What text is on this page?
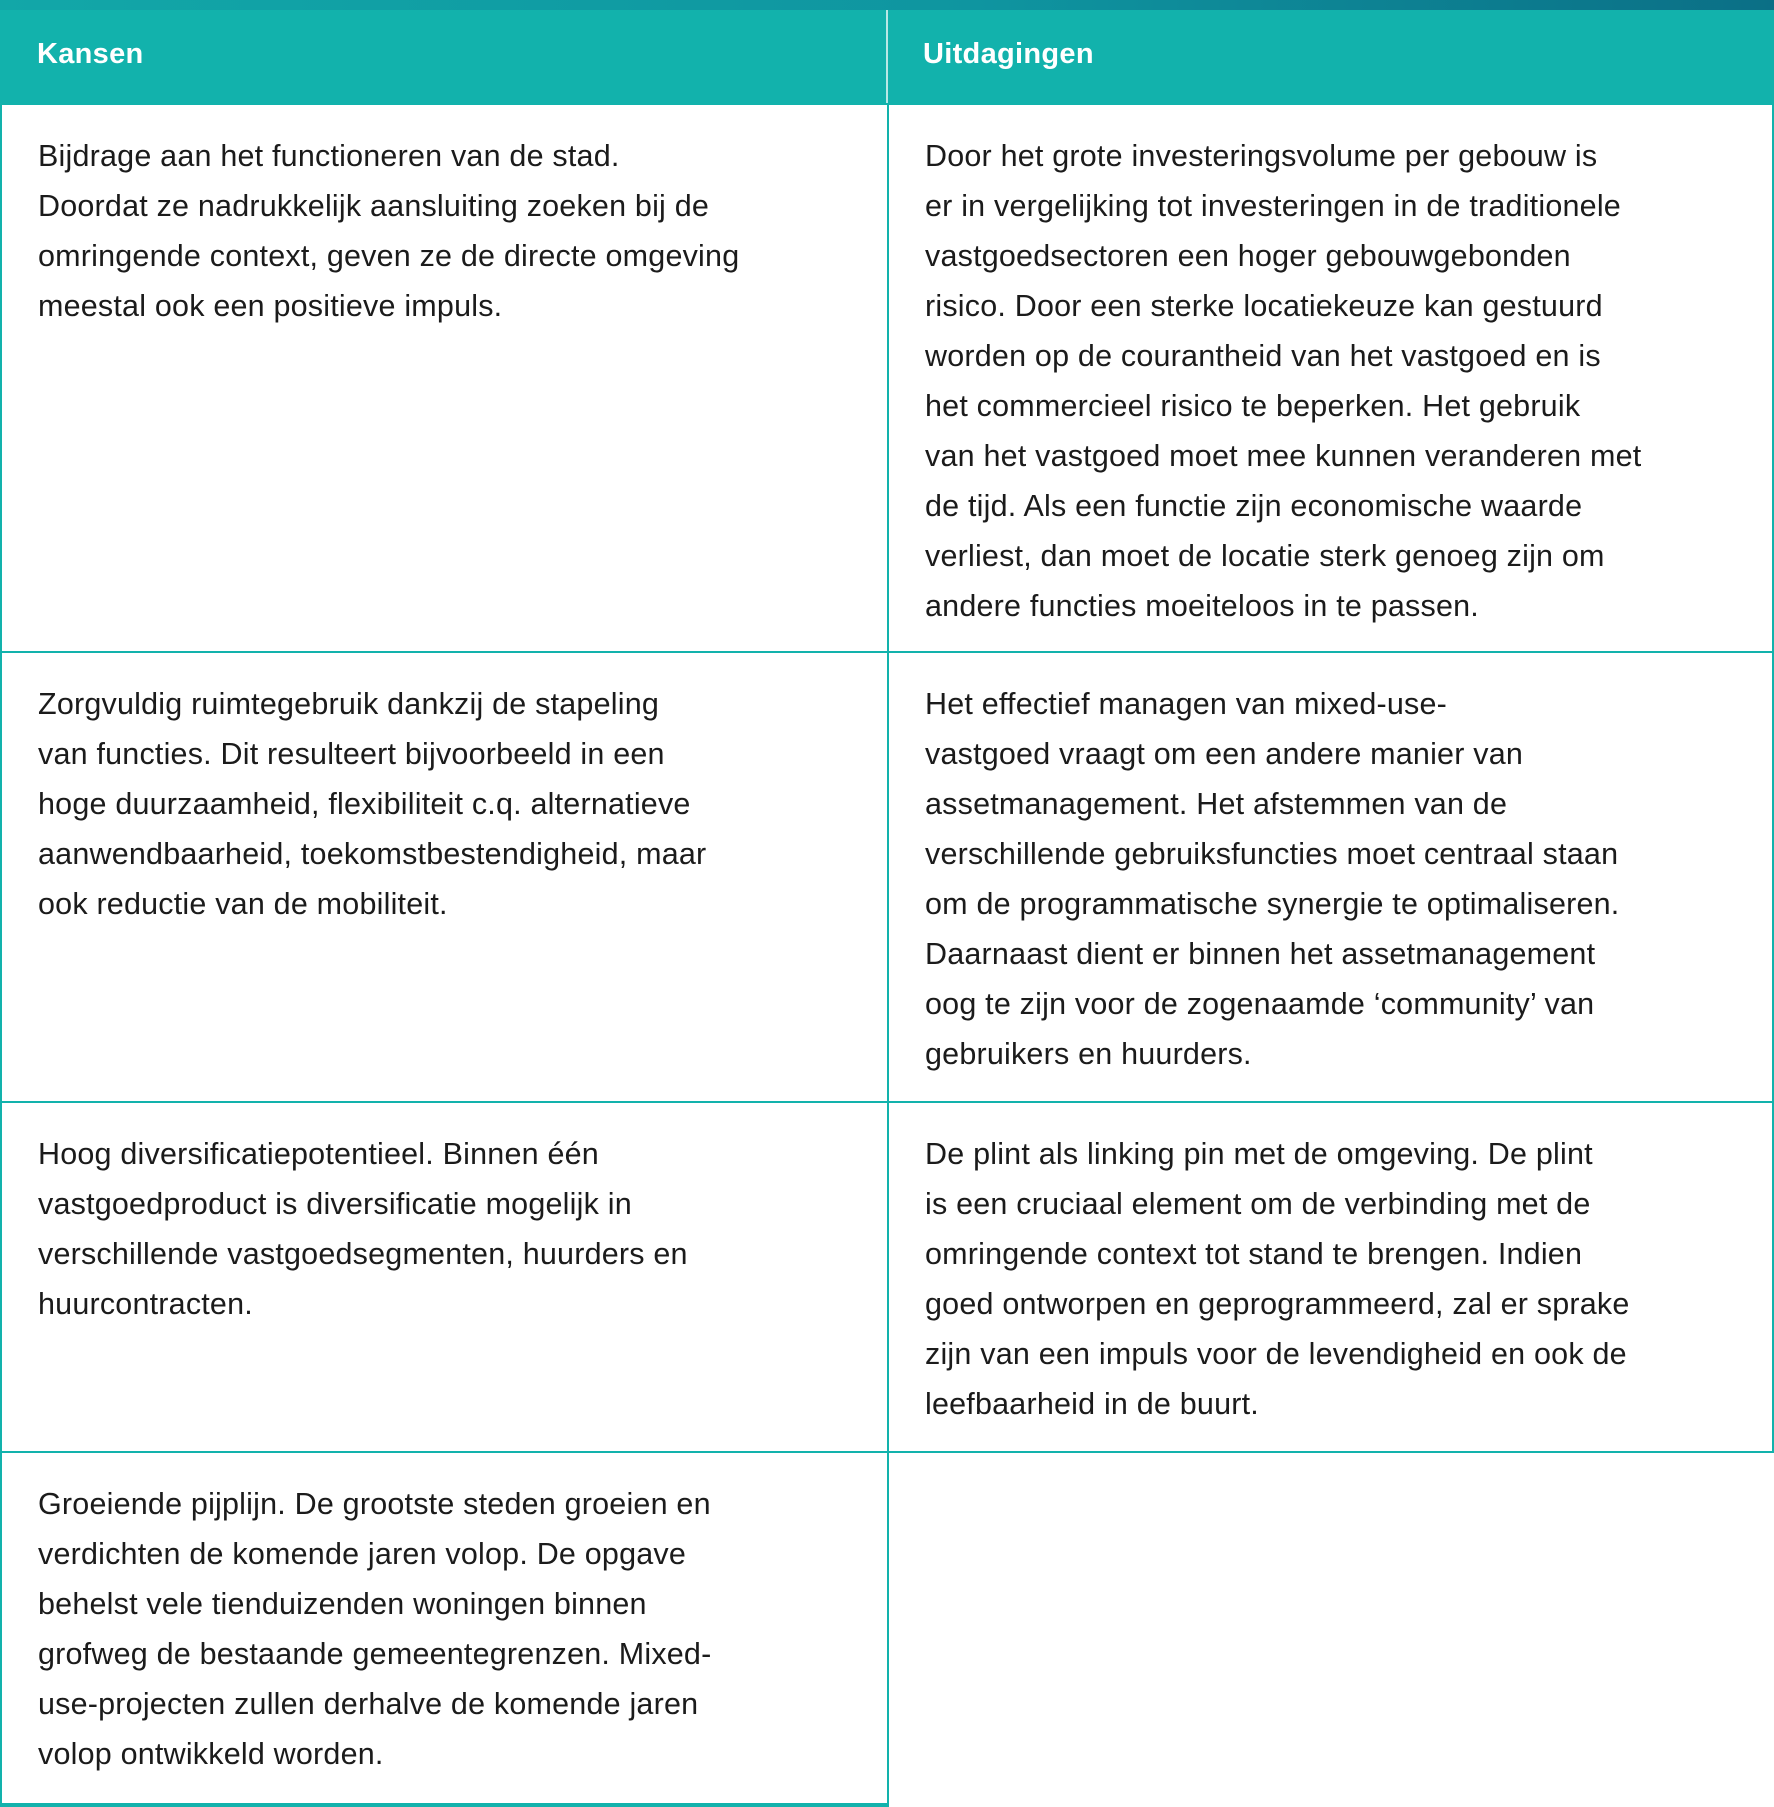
Kansen	Uitdagingen
Bijdrage aan het functioneren van de stad.
Doordat ze nadrukkelijk aansluiting zoeken bij de
omringende context, geven ze de directe omgeving
meestal ook een positieve impuls.
Door het grote investeringsvolume per gebouw is
er in vergelijking tot investeringen in de traditionele
vastgoedsectoren een hoger gebouwgebonden
risico. Door een sterke locatiekeuze kan gestuurd
worden op de courantheid van het vastgoed en is
het commercieel risico te beperken. Het gebruik
van het vastgoed moet mee kunnen veranderen met
de tijd. Als een functie zijn economische waarde
verliest, dan moet de locatie sterk genoeg zijn om
andere functies moeiteloos in te passen.
Zorgvuldig ruimtegebruik dankzij de stapeling
van functies. Dit resulteert bijvoorbeeld in een
hoge duurzaamheid, flexibiliteit c.q. alternatieve
aanwendbaarheid, toekomstbestendigheid, maar
ook reductie van de mobiliteit.
Het effectief managen van mixed-use-
vastgoed vraagt om een andere manier van
assetmanagement. Het afstemmen van de
verschillende gebruiksfuncties moet centraal staan
om de programmatische synergie te optimaliseren.
Daarnaast dient er binnen het assetmanagement
oog te zijn voor de zogenaamde ‘community’ van
gebruikers en huurders.
Hoog diversificatiepotentieel. Binnen één
vastgoedproduct is diversificatie mogelijk in
verschillende vastgoedsegmenten, huurders en
huurcontracten.
De plint als linking pin met de omgeving. De plint
is een cruciaal element om de verbinding met de
omringende context tot stand te brengen. Indien
goed ontworpen en geprogrammeerd, zal er sprake
zijn van een impuls voor de levendigheid en ook de
leefbaarheid in de buurt.
Groeiende pijplijn. De grootste steden groeien en
verdichten de komende jaren volop. De opgave
behelst vele tienduizenden woningen binnen
grofweg de bestaande gemeentegrenzen. Mixed-
use-projecten zullen derhalve de komende jaren
volop ontwikkeld worden.
